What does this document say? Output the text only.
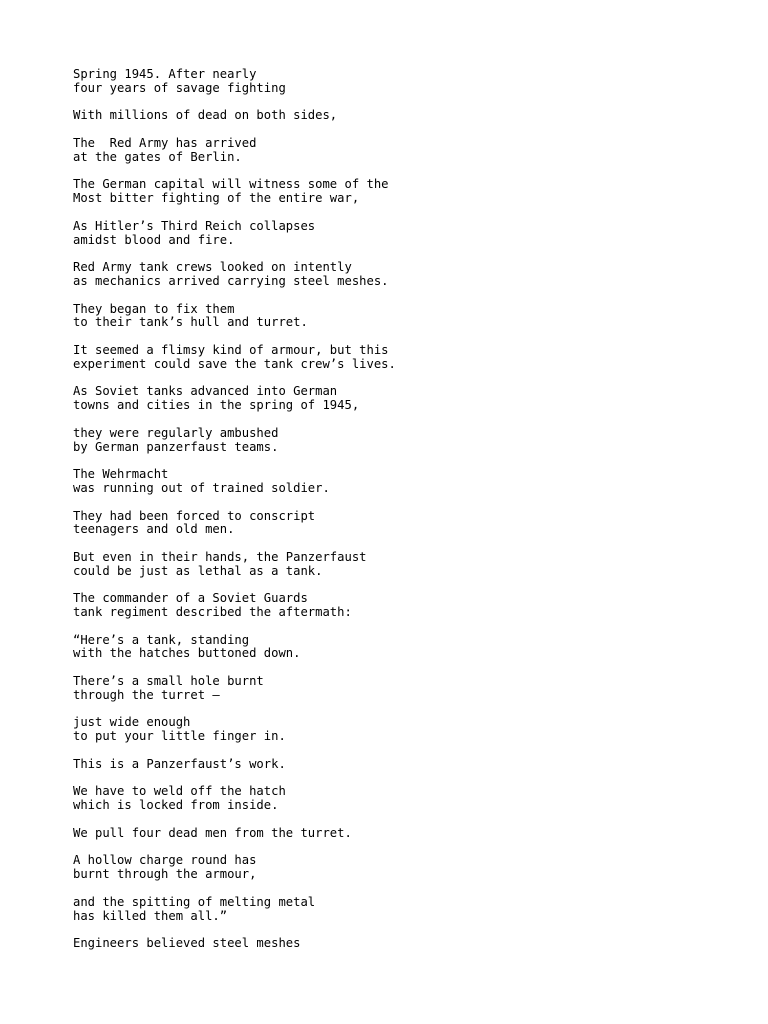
Spring 1945. After nearly
four years of savage fighting
With millions of dead on both sides,
The  Red Army has arrived
at the gates of Berlin.
The German capital will witness some of the
Most bitter fighting of the entire war,
As Hitler’s Third Reich collapses
amidst blood and fire.
Red Army tank crews looked on intently
as mechanics arrived carrying steel meshes.
They began to fix them
to their tank’s hull and turret.
It seemed a flimsy kind of armour, but this
experiment could save the tank crew’s lives.
As Soviet tanks advanced into German
towns and cities in the spring of 1945,
they were regularly ambushed
by German panzerfaust teams.
The Wehrmacht
was running out of trained soldier.
They had been forced to conscript
teenagers and old men.
But even in their hands, the Panzerfaust
could be just as lethal as a tank.
The commander of a Soviet Guards
tank regiment described the aftermath:
“Here’s a tank, standing
with the hatches buttoned down.
There’s a small hole burnt
through the turret —
just wide enough
to put your little finger in.
This is a Panzerfaust’s work.
We have to weld off the hatch
which is locked from inside.
We pull four dead men from the turret.
A hollow charge round has
burnt through the armour,
and the spitting of melting metal
has killed them all.”
Engineers believed steel meshes
